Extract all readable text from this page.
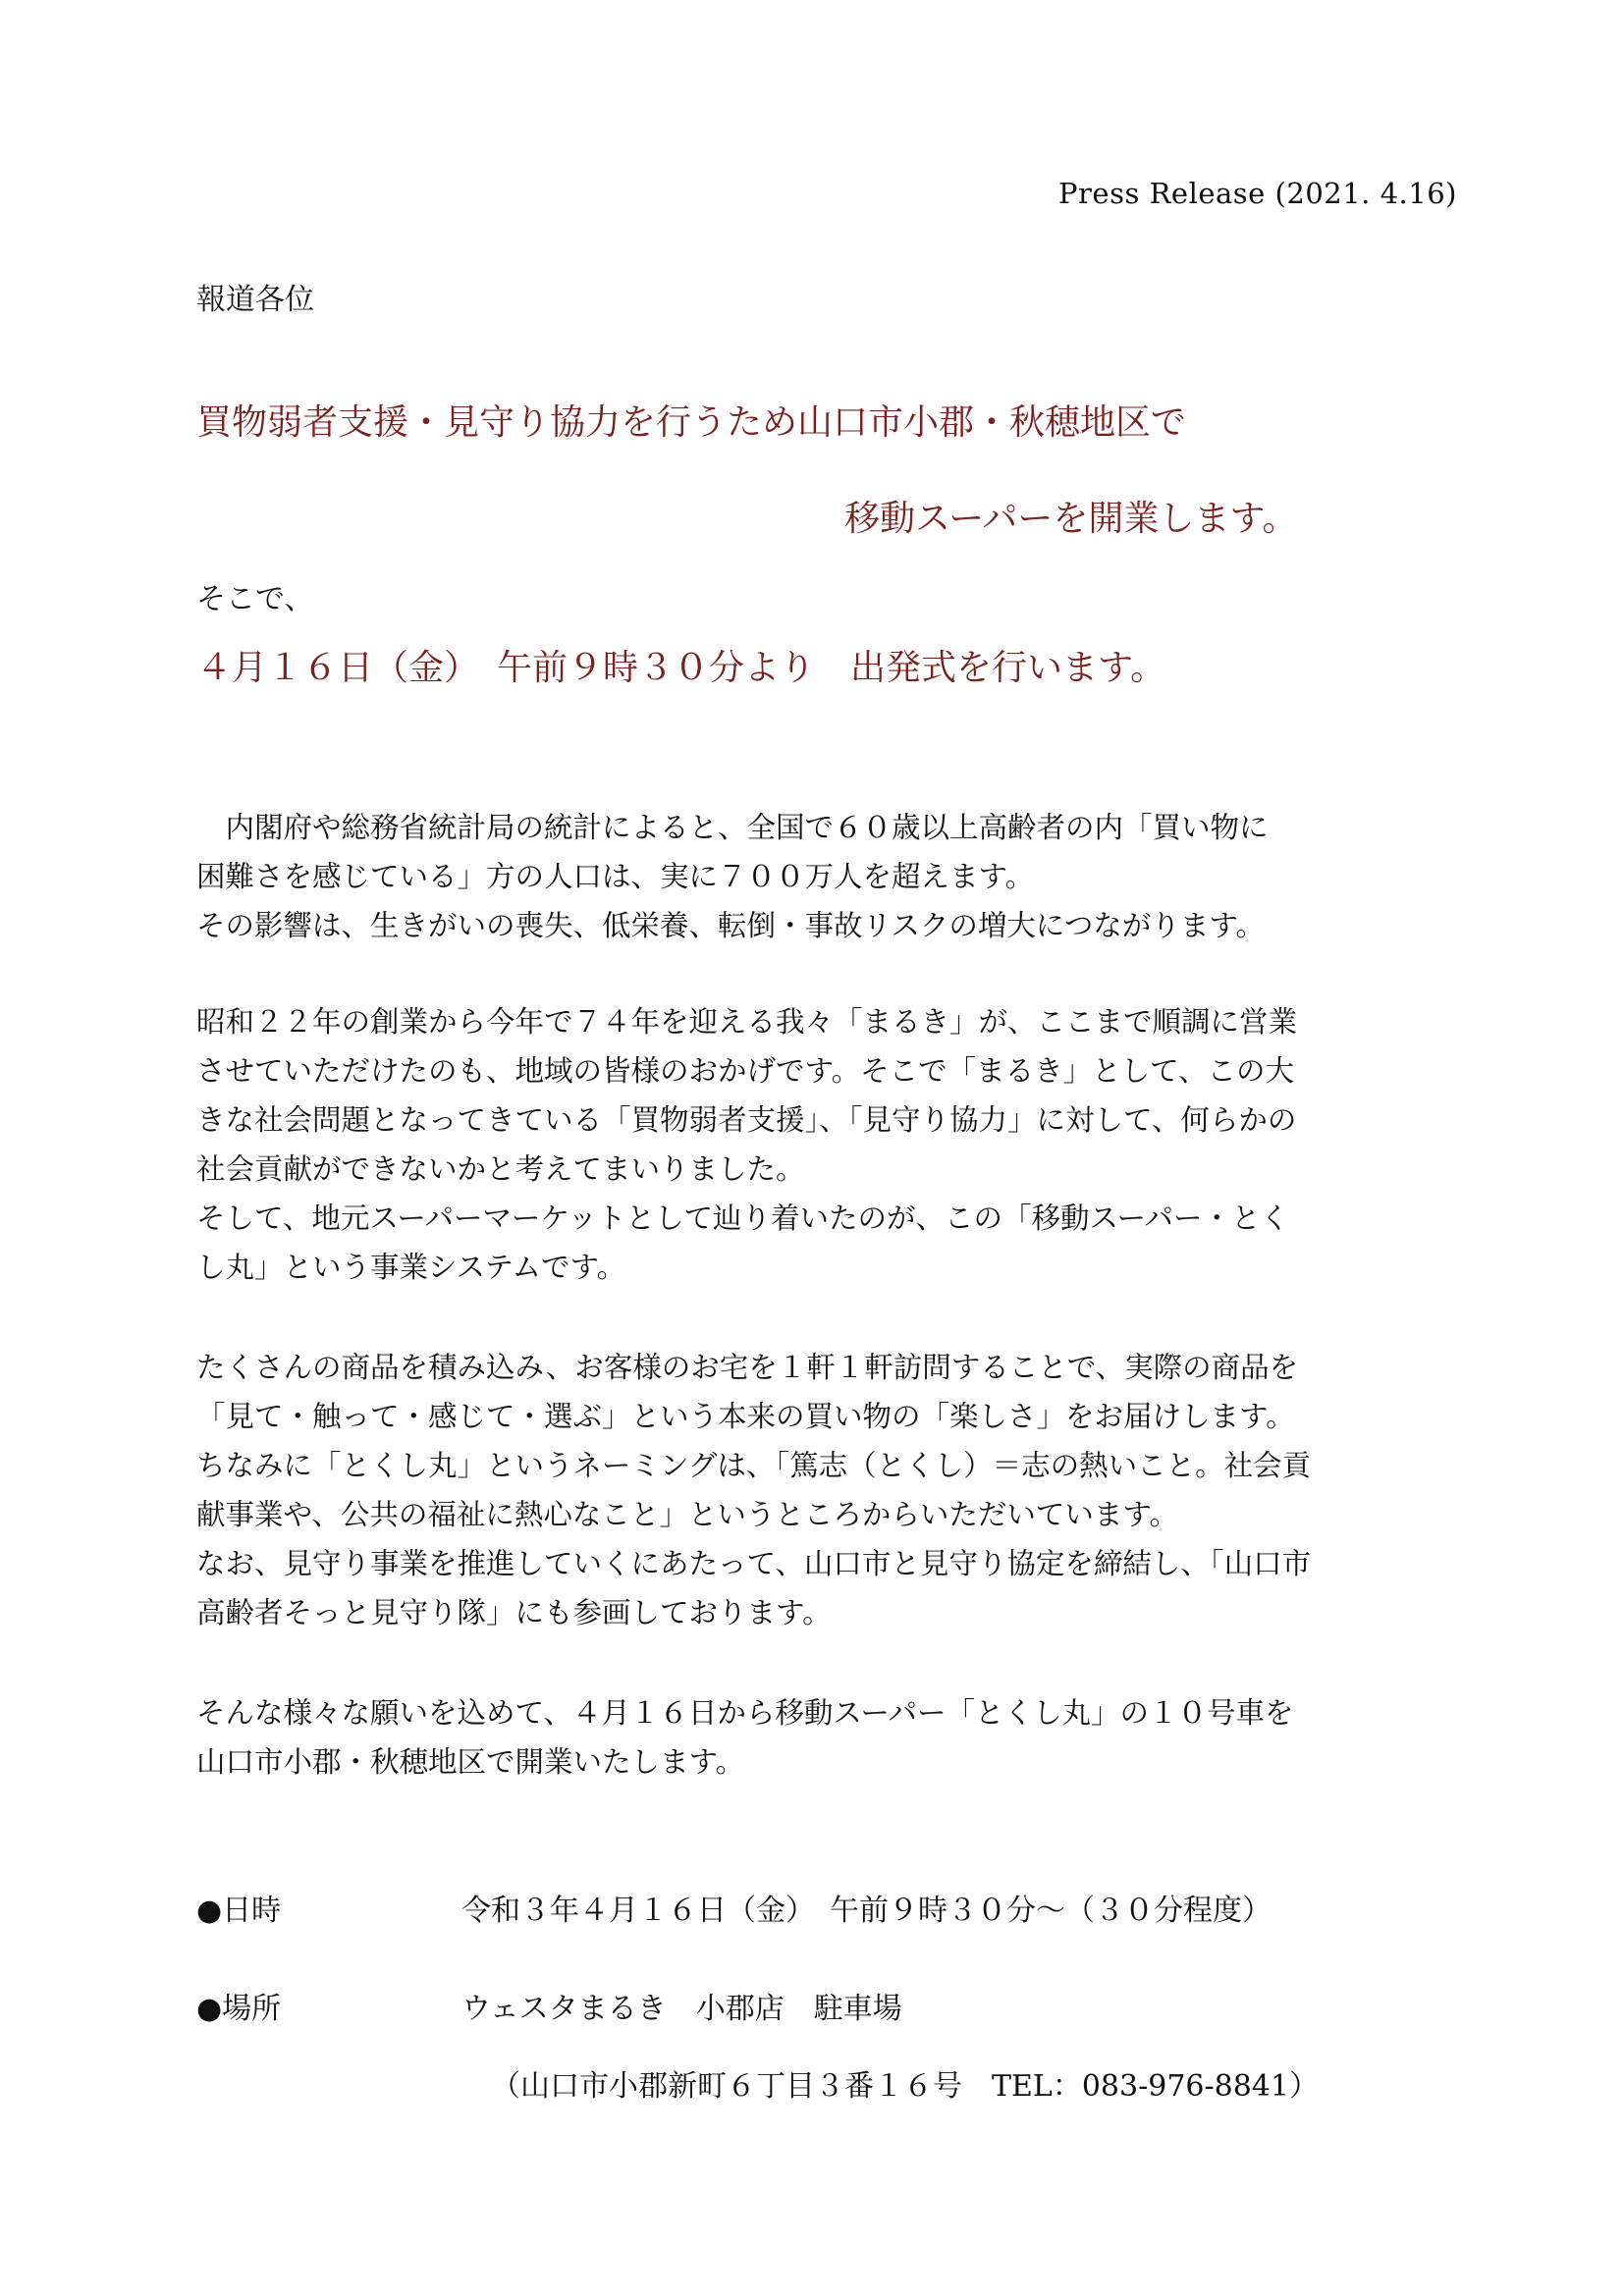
Press Release (2021. 4.16)
報道各位
買物弱者支援・見守り協力を行うため山口市小郡・秋穂地区で
移動スーパーを開業します。
そこで、
４月１６日（金）　午前９時３０分より　出発式を行います。
　内閣府や総務省統計局の統計によると、全国で６０歳以上高齢者の内「買い物に
困難さを感じている」方の人口は、実に７００万人を超えます。
その影響は、生きがいの喪失、低栄養、転倒・事故リスクの増大につながります。
昭和２２年の創業から今年で７４年を迎える我々「まるき」が、ここまで順調に営業
させていただけたのも、地域の皆様のおかげです。そこで「まるき」として、この大
きな社会問題となってきている「買物弱者支援」、「見守り協力」に対して、何らかの
社会貢献ができないかと考えてまいりました。
そして、地元スーパーマーケットとして辿り着いたのが、この「移動スーパー・とく
し丸」という事業システムです。
たくさんの商品を積み込み、お客様のお宅を１軒１軒訪問することで、実際の商品を
「見て・触って・感じて・選ぶ」という本来の買い物の「楽しさ」をお届けします。
ちなみに「とくし丸」というネーミングは、「篤志（とくし）＝志の熱いこと。社会貢
献事業や、公共の福祉に熱心なこと」というところからいただいています。
なお、見守り事業を推進していくにあたって、山口市と見守り協定を締結し、「山口市
高齢者そっと見守り隊」にも参画しております。
そんな様々な願いを込めて、４月１６日から移動スーパー「とくし丸」の１０号車を
山口市小郡・秋穂地区で開業いたします。
●日時	令和３年４月１６日（金）　午前９時３０分～（３０分程度）
●場所	ウェスタまるき　小郡店　駐車場
（山口市小郡新町６丁目３番１６号　TEL：083-976-8841）
